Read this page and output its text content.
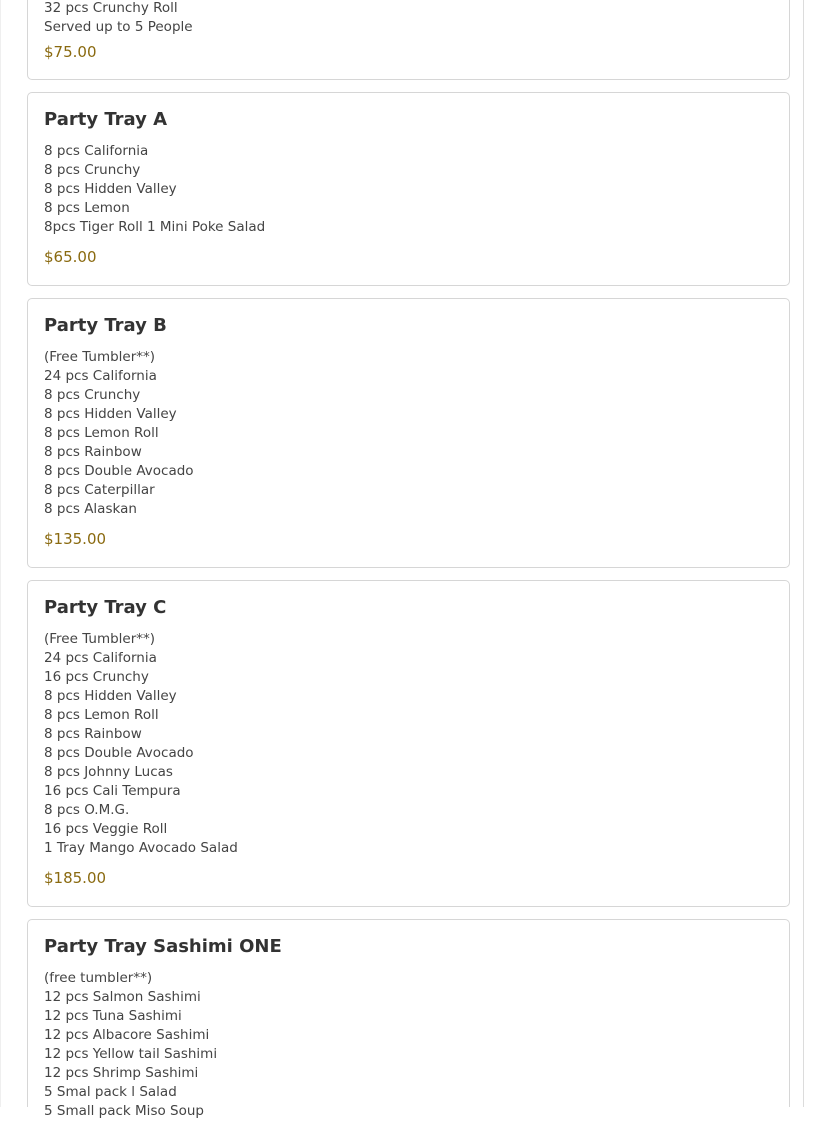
32 pcs Crunchy Roll
Served up to 5 People
$75.00
Party Tray A
8 pcs California
8 pcs Crunchy
8 pcs Hidden Valley
8 pcs Lemon
8pcs Tiger Roll 1 Mini Poke Salad
$65.00
Party Tray B
(Free Tumbler**)
24 pcs California
8 pcs Crunchy
8 pcs Hidden Valley
8 pcs Lemon Roll
8 pcs Rainbow
8 pcs Double Avocado
8 pcs Caterpillar
8 pcs Alaskan
$135.00
Party Tray C
(Free Tumbler**)
24 pcs California
16 pcs Crunchy
8 pcs Hidden Valley
8 pcs Lemon Roll
8 pcs Rainbow
8 pcs Double Avocado
8 pcs Johnny Lucas
16 pcs Cali Tempura
8 pcs O.M.G.
16 pcs Veggie Roll
1 Tray Mango Avocado Salad
$185.00
Party Tray Sashimi ONE
(free tumbler**)
12 pcs Salmon Sashimi
12 pcs Tuna Sashimi
12 pcs Albacore Sashimi
12 pcs Yellow tail Sashimi
12 pcs Shrimp Sashimi
5 Smal pack l Salad
5 Small pack Miso Soup
